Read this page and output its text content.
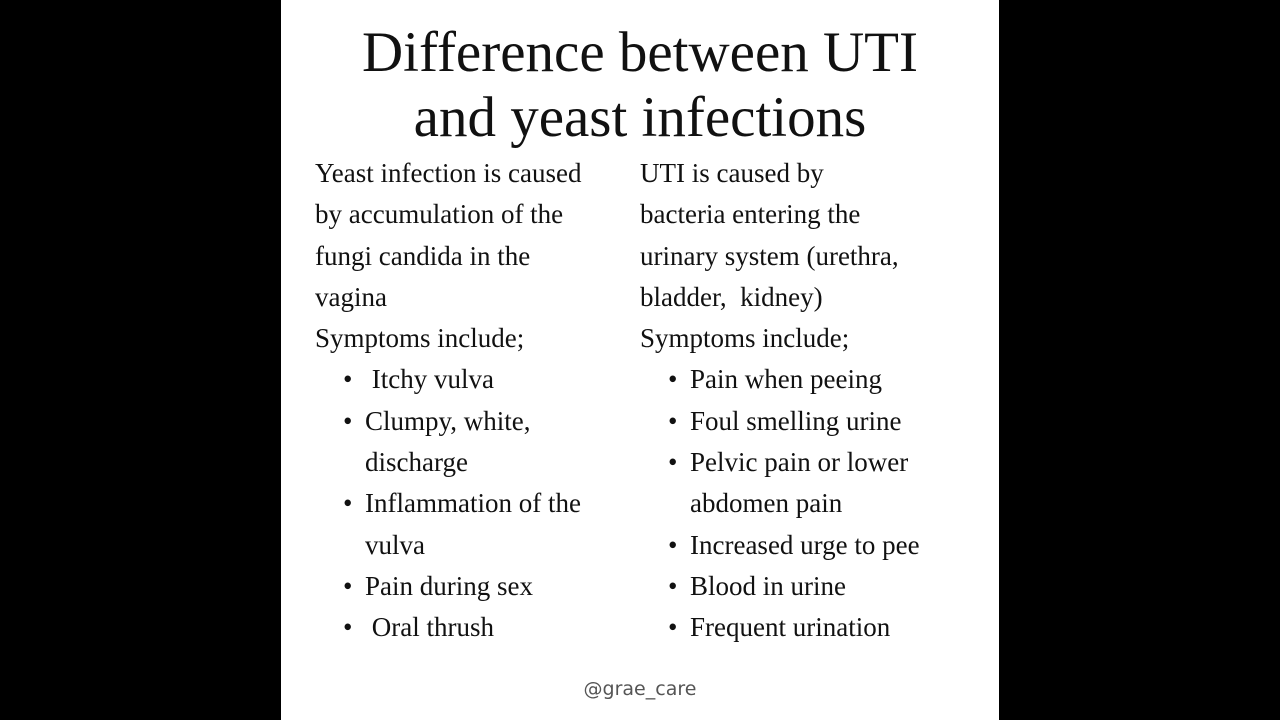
Difference between UTI
and yeast infections
Yeast infection is caused
by accumulation of the
fungi candida in the
vagina
Symptoms include;
•  Itchy vulva
• Clumpy, white,
discharge
• Inflammation of the
vulva
• Pain during sex
•  Oral thrush
UTI is caused by
bacteria entering the
urinary system (urethra,
bladder,  kidney)
Symptoms include;
• Pain when peeing
• Foul smelling urine
• Pelvic pain or lower
abdomen pain
• Increased urge to pee
• Blood in urine
• Frequent urination
@grae_care
